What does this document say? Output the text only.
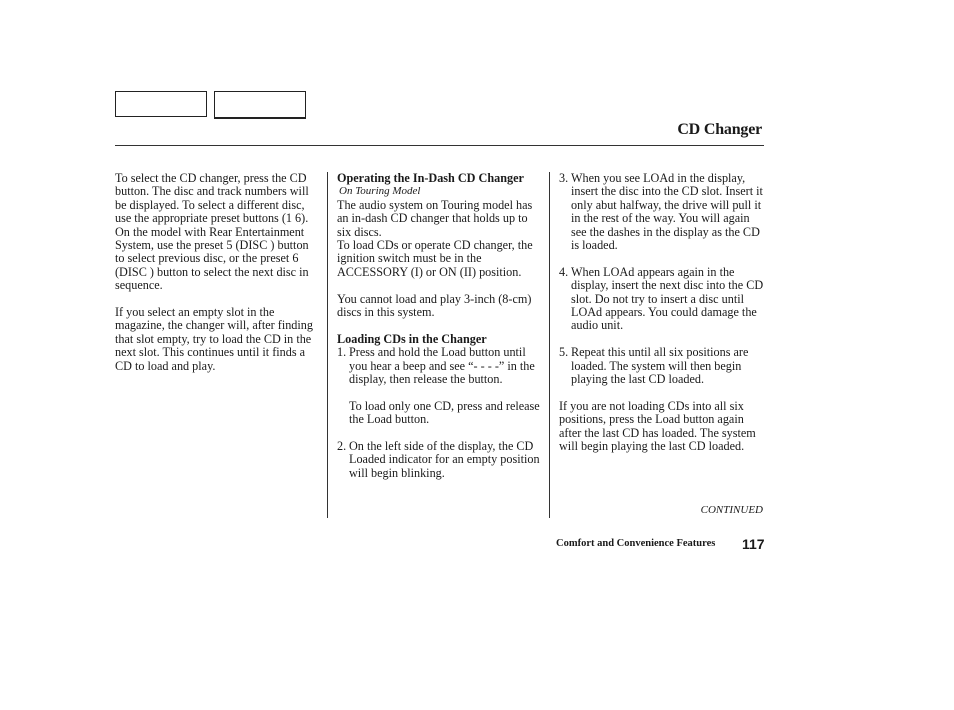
CD Changer

To select the CD changer, press the CD button. The disc and track numbers will be displayed. To select a different disc, use the appropriate preset buttons (1 6). On the model with Rear Entertainment System, use the preset 5 (DISC ) button to select previous disc, or the preset 6 (DISC ) button to select the next disc in sequence.

If you select an empty slot in the magazine, the changer will, after finding that slot empty, try to load the CD in the next slot. This continues until it finds a CD to load and play.

Operating the In-Dash CD Changer

On Touring Model

The audio system on Touring model has an in-dash CD changer that holds up to six discs.

To load CDs or operate CD changer, the ignition switch must be in the ACCESSORY (I) or ON (II) position.

You cannot load and play 3-inch (8-cm) discs in this system.

Loading CDs in the Changer

1. Press and hold the Load button until you hear a beep and see “- - - -” in the display, then release the button.

To load only one CD, press and release the Load button.

2. On the left side of the display, the CD Loaded indicator for an empty position will begin blinking.
3. When you see LOAd in the display, insert the disc into the CD slot. Insert it only abut halfway, the drive will pull it in the rest of the way. You will again see the dashes in the display as the CD is loaded.
4. When LOAd appears again in the display, insert the next disc into the CD slot. Do not try to insert a disc until LOAd appears. You could damage the audio unit.
5. Repeat this until all six positions are loaded. The system will then begin playing the last CD loaded.

If you are not loading CDs into all six positions, press the Load button again after the last CD has loaded. The system will begin playing the last CD loaded.

CONTINUED
Comfort and Convenience Features 117
